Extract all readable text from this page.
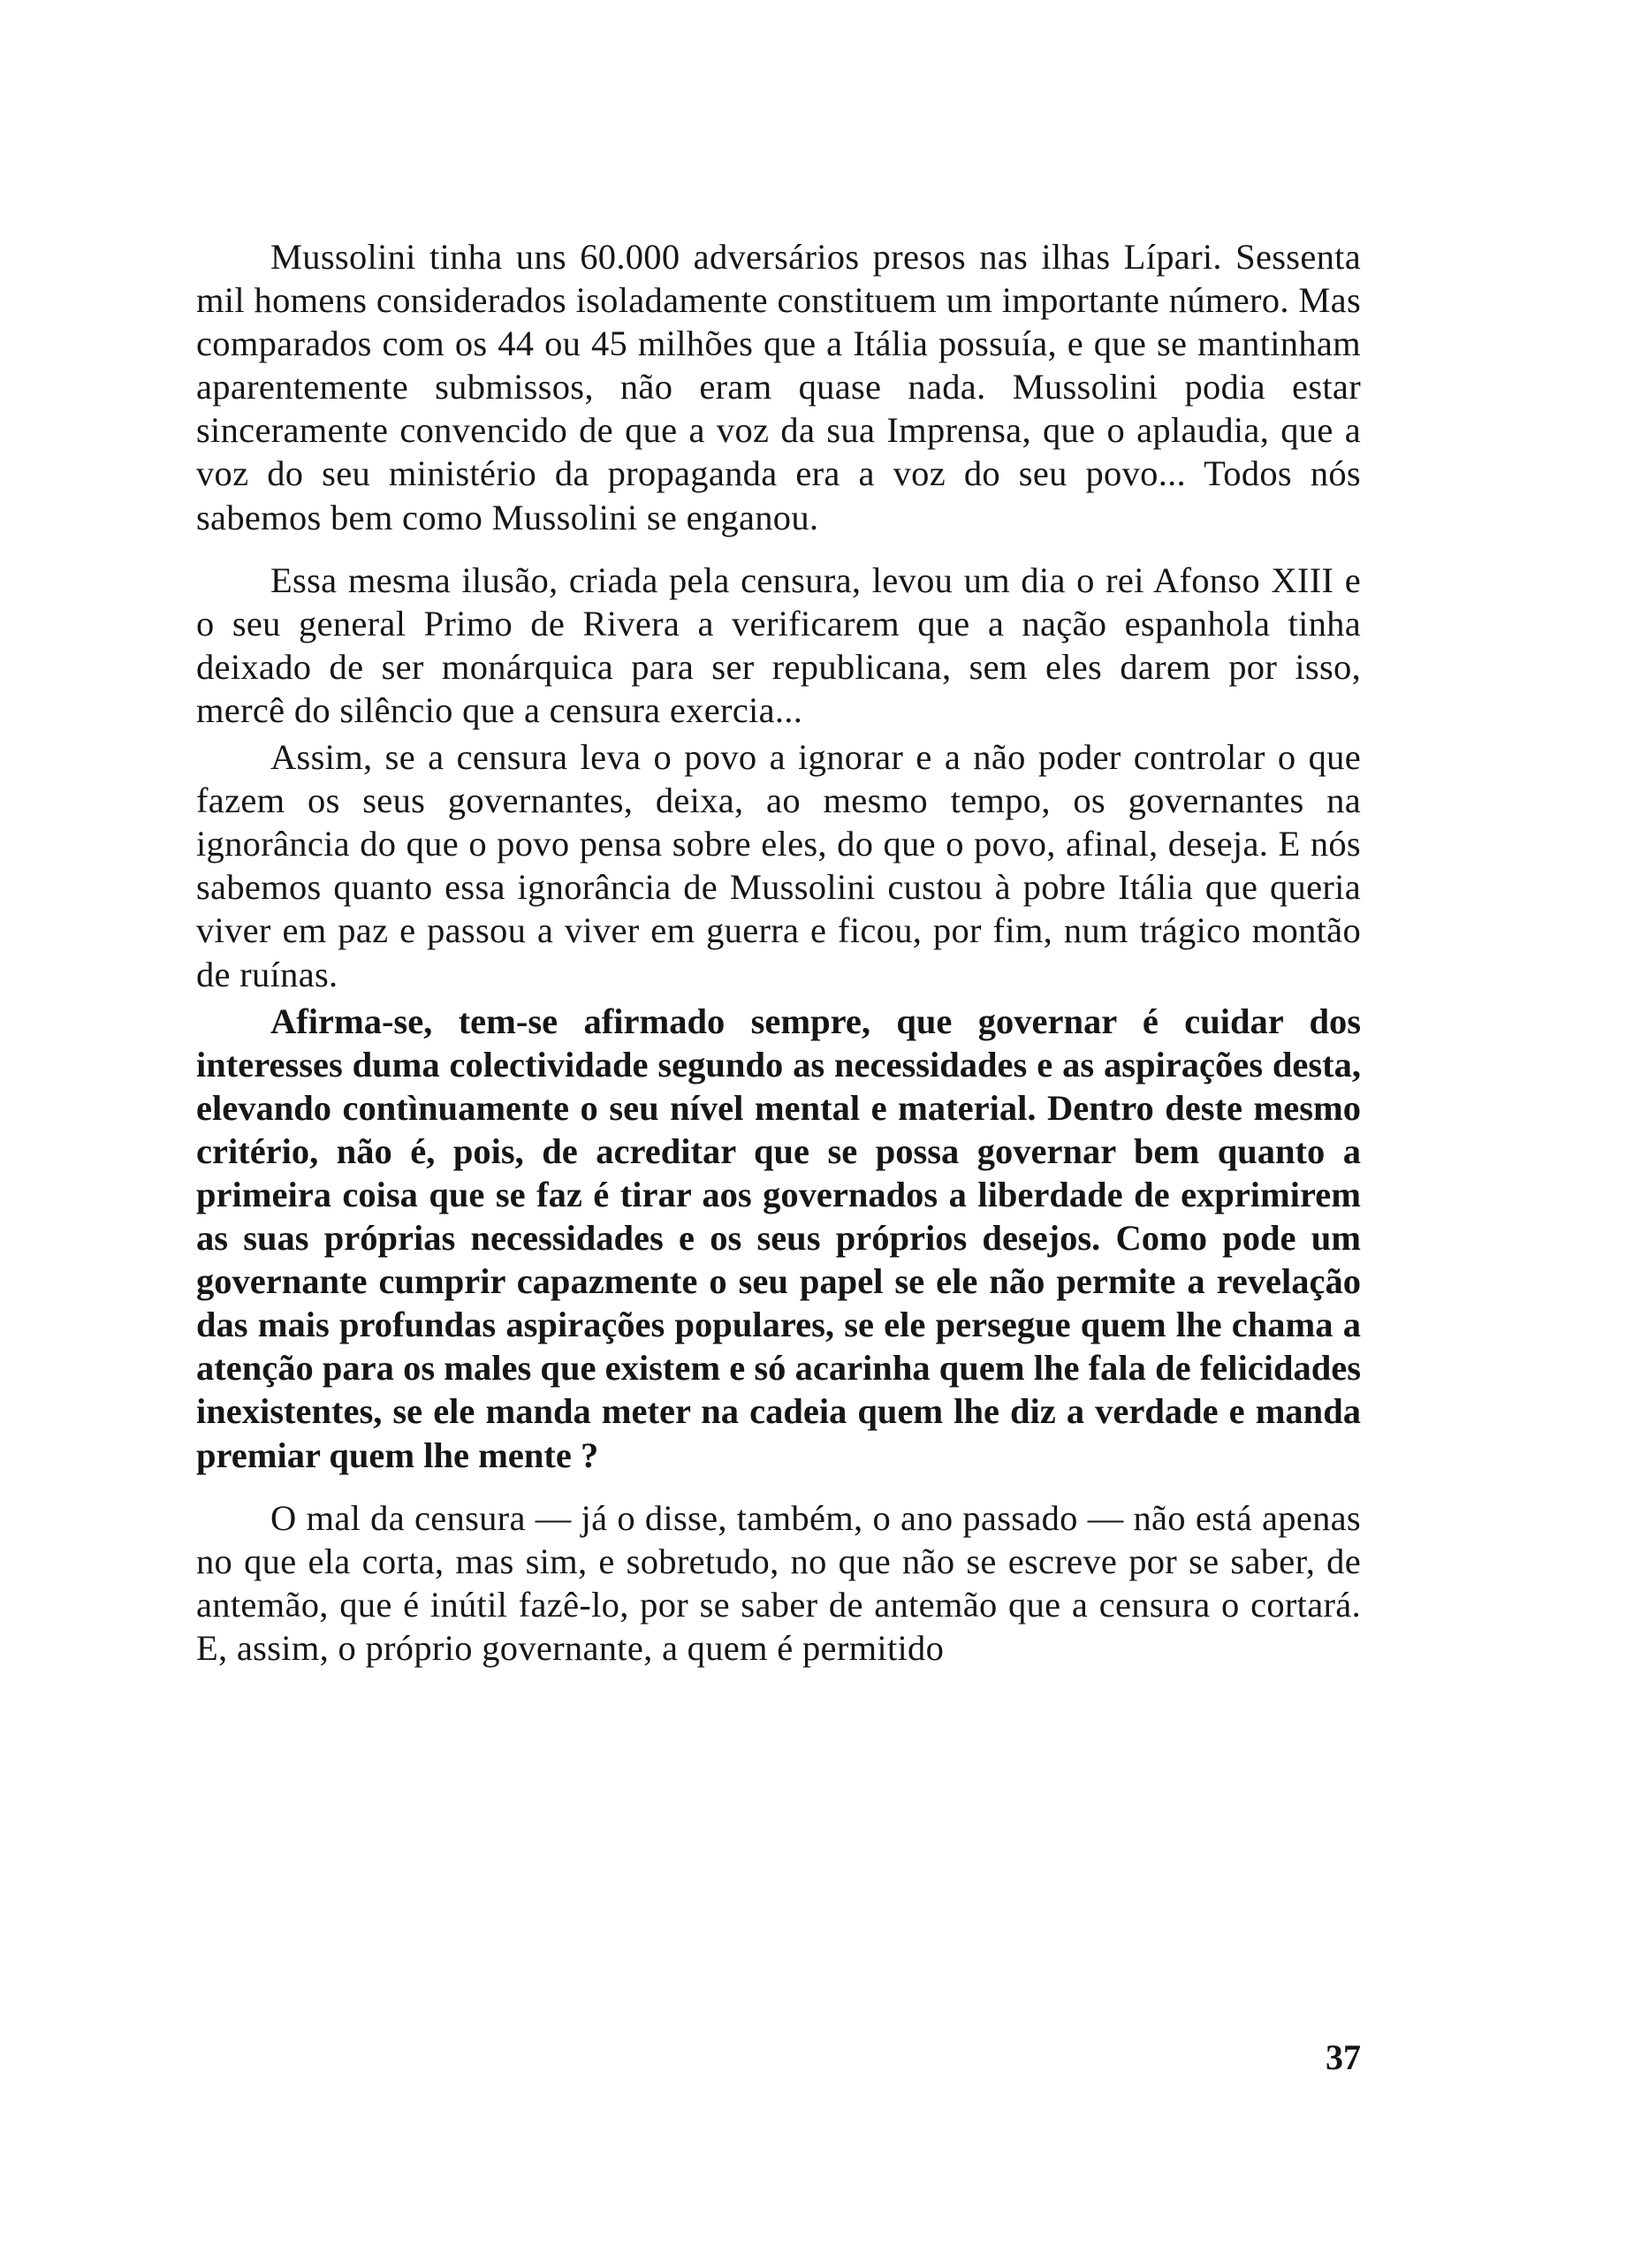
Mussolini tinha uns 60.000 adversários presos nas ilhas Lípari. Sessenta mil homens considerados isoladamente constituem um importante número. Mas comparados com os 44 ou 45 milhões que a Itália possuía, e que se mantinham aparentemente submissos, não eram quase nada. Mussolini podia estar sinceramente convencido de que a voz da sua Imprensa, que o aplaudia, que a voz do seu ministério da propaganda era a voz do seu povo... Todos nós sabemos bem como Mussolini se enganou.

Essa mesma ilusão, criada pela censura, levou um dia o rei Afonso XIII e o seu general Primo de Rivera a verificarem que a nação espanhola tinha deixado de ser monárquica para ser republicana, sem eles darem por isso, mercê do silêncio que a censura exercia...

Assim, se a censura leva o povo a ignorar e a não poder controlar o que fazem os seus governantes, deixa, ao mesmo tempo, os governantes na ignorância do que o povo pensa sobre eles, do que o povo, afinal, deseja. E nós sabemos quanto essa ignorância de Mussolini custou à pobre Itália que queria viver em paz e passou a viver em guerra e ficou, por fim, num trágico montão de ruínas.

Afirma-se, tem-se afirmado sempre, que governar é cuidar dos interesses duma colectividade segundo as necessidades e as aspirações desta, elevando contìnuamente o seu nível mental e material. Dentro deste mesmo critério, não é, pois, de acreditar que se possa governar bem quanto a primeira coisa que se faz é tirar aos governados a liberdade de exprimirem as suas próprias necessidades e os seus próprios desejos. Como pode um governante cumprir capazmente o seu papel se ele não permite a revelação das mais profundas aspirações populares, se ele persegue quem lhe chama a atenção para os males que existem e só acarinha quem lhe fala de felicidades inexistentes, se ele manda meter na cadeia quem lhe diz a verdade e manda premiar quem lhe mente ?

O mal da censura — já o disse, também, o ano passado — não está apenas no que ela corta, mas sim, e sobretudo, no que não se escreve por se saber, de antemão, que é inútil fazê-lo, por se saber de antemão que a censura o cortará. E, assim, o próprio governante, a quem é permitido

37
